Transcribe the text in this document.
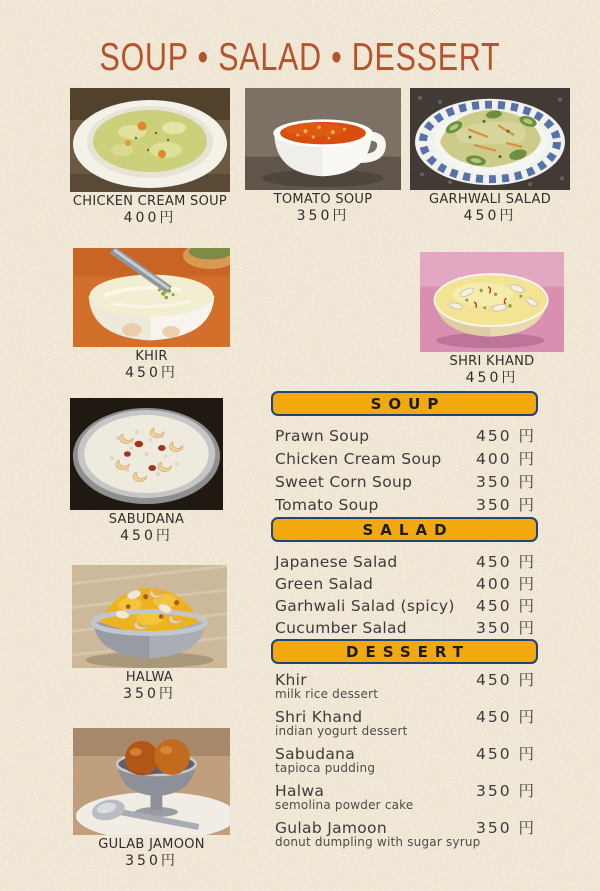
SOUP • SALAD • DESSERT
CHICKEN CREAM SOUP
400円
TOMATO SOUP
350円
GARHWALI SALAD
450円
KHIR
450円
SHRI KHAND
450円
SABUDANA
450円
HALWA
350円
GULAB JAMOON
350円
SOUP
Prawn Soup	450 円
Chicken Cream Soup 400 円
Sweet Corn Soup	350 円
Tomato Soup	350 円
SALAD
Japanese Salad	450 円
Green Salad	400 円
Garhwali Salad (spicy) 450 円
Cucumber Salad	350 円
DESSERT
Khir	450 円
milk rice dessert
Shri Khand	450 円
indian yogurt dessert
Sabudana	450 円
tapioca pudding
Halwa	350 円
semolina powder cake
Gulab Jamoon	350 円
donut dumpling with sugar syrup
